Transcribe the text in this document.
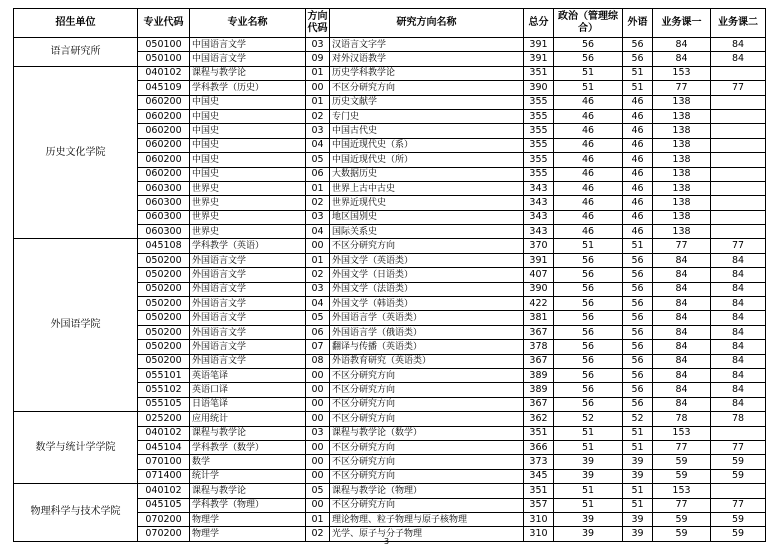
招生单位	专业代码	专业名称	方向代码	研究方向名称	总分	政治（管理综合）	外语	业务课一	业务课二
语言研究所	050100	中国语言文学	03	汉语言文字学	391	56	56	84	84
	050100	中国语言文学	09	对外汉语教学	391	56	56	84	84
历史文化学院	040102	课程与教学论	01	历史学科教学论	351	51	51	153	
	045109	学科教学（历史）	00	不区分研究方向	390	51	51	77	77
	060200	中国史	01	历史文献学	355	46	46	138	
	060200	中国史	02	专门史	355	46	46	138	
	060200	中国史	03	中国古代史	355	46	46	138	
	060200	中国史	04	中国近现代史（系）	355	46	46	138	
	060200	中国史	05	中国近现代史（所）	355	46	46	138	
	060200	中国史	06	大数据历史	355	46	46	138	
	060300	世界史	01	世界上古中古史	343	46	46	138	
	060300	世界史	02	世界近现代史	343	46	46	138	
	060300	世界史	03	地区国别史	343	46	46	138	
	060300	世界史	04	国际关系史	343	46	46	138	
外国语学院	045108	学科教学（英语）	00	不区分研究方向	370	51	51	77	77
	050200	外国语言文学	01	外国文学（英语类）	391	56	56	84	84
	050200	外国语言文学	02	外国文学（日语类）	407	56	56	84	84
	050200	外国语言文学	03	外国文学（法语类）	390	56	56	84	84
	050200	外国语言文学	04	外国文学（韩语类）	422	56	56	84	84
	050200	外国语言文学	05	外国语言学（英语类）	381	56	56	84	84
	050200	外国语言文学	06	外国语言学（俄语类）	367	56	56	84	84
	050200	外国语言文学	07	翻译与传播（英语类）	378	56	56	84	84
	050200	外国语言文学	08	外语教育研究（英语类）	367	56	56	84	84
	055101	英语笔译	00	不区分研究方向	389	56	56	84	84
	055102	英语口译	00	不区分研究方向	389	56	56	84	84
	055105	日语笔译	00	不区分研究方向	367	56	56	84	84
数学与统计学学院	025200	应用统计	00	不区分研究方向	362	52	52	78	78
	040102	课程与教学论	03	课程与教学论（数学）	351	51	51	153	
	045104	学科教学（数学）	00	不区分研究方向	366	51	51	77	77
	070100	数学	00	不区分研究方向	373	39	39	59	59
	071400	统计学	00	不区分研究方向	345	39	39	59	59
物理科学与技术学院	040102	课程与教学论	05	课程与教学论（物理）	351	51	51	153	
	045105	学科教学（物理）	00	不区分研究方向	357	51	51	77	77
	070200	物理学	01	理论物理、粒子物理与原子核物理	310	39	39	59	59
	070200	物理学	02	光学、原子与分子物理	310	39	39	59	59
3
